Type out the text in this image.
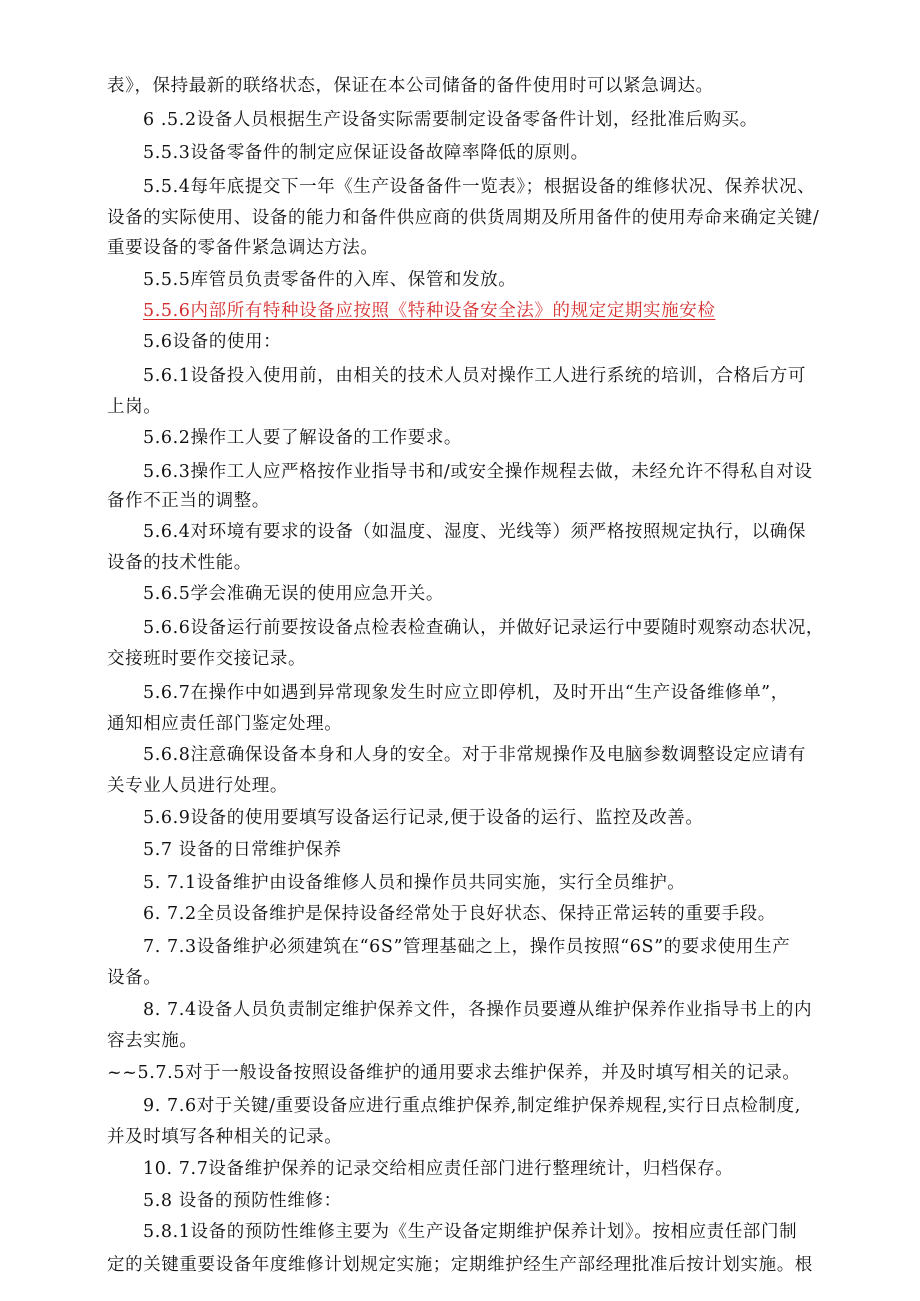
表》，保持最新的联络状态，保证在本公司储备的备件使用时可以紧急调达。
6 .5.2设备人员根据生产设备实际需要制定设备零备件计划，经批准后购买。
5.5.3设备零备件的制定应保证设备故障率降低的原则。
5.5.4每年底提交下一年《生产设备备件一览表》；根据设备的维修状况、保养状况、
设备的实际使用、设备的能力和备件供应商的供货周期及所用备件的使用寿命来确定关键/
重要设备的零备件紧急调达方法。
5.5.5库管员负责零备件的入库、保管和发放。
5.5.6内部所有特种设备应按照《特种设备安全法》的规定定期实施安检
5.6设备的使用：
5.6.1设备投入使用前，由相关的技术人员对操作工人进行系统的培训，合格后方可
上岗。
5.6.2操作工人要了解设备的工作要求。
5.6.3操作工人应严格按作业指导书和/或安全操作规程去做，未经允许不得私自对设
备作不正当的调整。
5.6.4对环境有要求的设备（如温度、湿度、光线等）须严格按照规定执行，以确保
设备的技术性能。
5.6.5学会准确无误的使用应急开关。
5.6.6设备运行前要按设备点检表检查确认，并做好记录运行中要随时观察动态状况，
交接班时要作交接记录。
5.6.7在操作中如遇到异常现象发生时应立即停机，及时开出“生产设备维修单”，
通知相应责任部门鉴定处理。
5.6.8注意确保设备本身和人身的安全。对于非常规操作及电脑参数调整设定应请有
关专业人员进行处理。
5.6.9设备的使用要填写设备运行记录,便于设备的运行、监控及改善。
5.7 设备的日常维护保养
5. 7.1设备维护由设备维修人员和操作员共同实施，实行全员维护。
6. 7.2全员设备维护是保持设备经常处于良好状态、保持正常运转的重要手段。
7. 7.3设备维护必须建筑在“6S”管理基础之上，操作员按照“6S”的要求使用生产
设备。
8. 7.4设备人员负责制定维护保养文件，各操作员要遵从维护保养作业指导书上的内
容去实施。
~~5.7.5对于一般设备按照设备维护的通用要求去维护保养，并及时填写相关的记录。
9. 7.6对于关键/重要设备应进行重点维护保养,制定维护保养规程,实行日点检制度,
并及时填写各种相关的记录。
10. 7.7设备维护保养的记录交给相应责任部门进行整理统计，归档保存。
5.8 设备的预防性维修：
5.8.1设备的预防性维修主要为《生产设备定期维护保养计划》。按相应责任部门制
定的关键重要设备年度维修计划规定实施；定期维护经生产部经理批准后按计划实施。根
